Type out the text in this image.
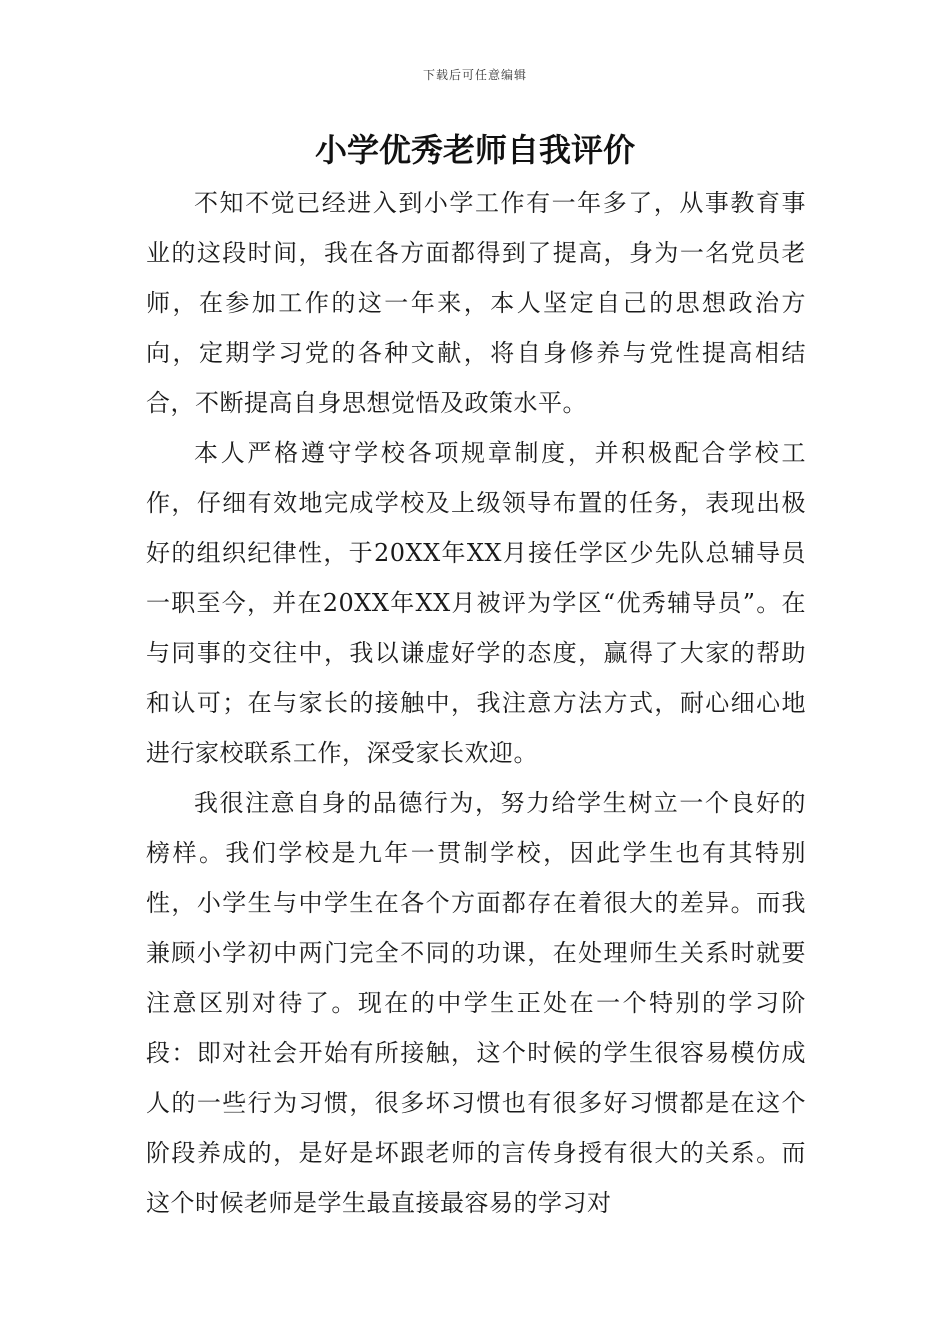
下载后可任意编辑
小学优秀老师自我评价

不知不觉已经进入到小学工作有一年多了，从事教育事业的这段时间，我在各方面都得到了提高，身为一名党员老师，在参加工作的这一年来，本人坚定自己的思想政治方向，定期学习党的各种文献，将自身修养与党性提高相结合，不断提高自身思想觉悟及政策水平。

本人严格遵守学校各项规章制度，并积极配合学校工作，仔细有效地完成学校及上级领导布置的任务，表现出极好的组织纪律性，于20XX年XX月接任学区少先队总辅导员一职至今，并在20XX年XX月被评为学区“优秀辅导员”。在与同事的交往中，我以谦虚好学的态度，赢得了大家的帮助和认可；在与家长的接触中，我注意方法方式，耐心细心地进行家校联系工作，深受家长欢迎。

我很注意自身的品德行为，努力给学生树立一个良好的榜样。我们学校是九年一贯制学校，因此学生也有其特别性，小学生与中学生在各个方面都存在着很大的差异。而我兼顾小学初中两门完全不同的功课，在处理师生关系时就要注意区别对待了。现在的中学生正处在一个特别的学习阶段：即对社会开始有所接触，这个时候的学生很容易模仿成人的一些行为习惯，很多坏习惯也有很多好习惯都是在这个阶段养成的，是好是坏跟老师的言传身授有很大的关系。而这个时候老师是学生最直接最容易的学习对
